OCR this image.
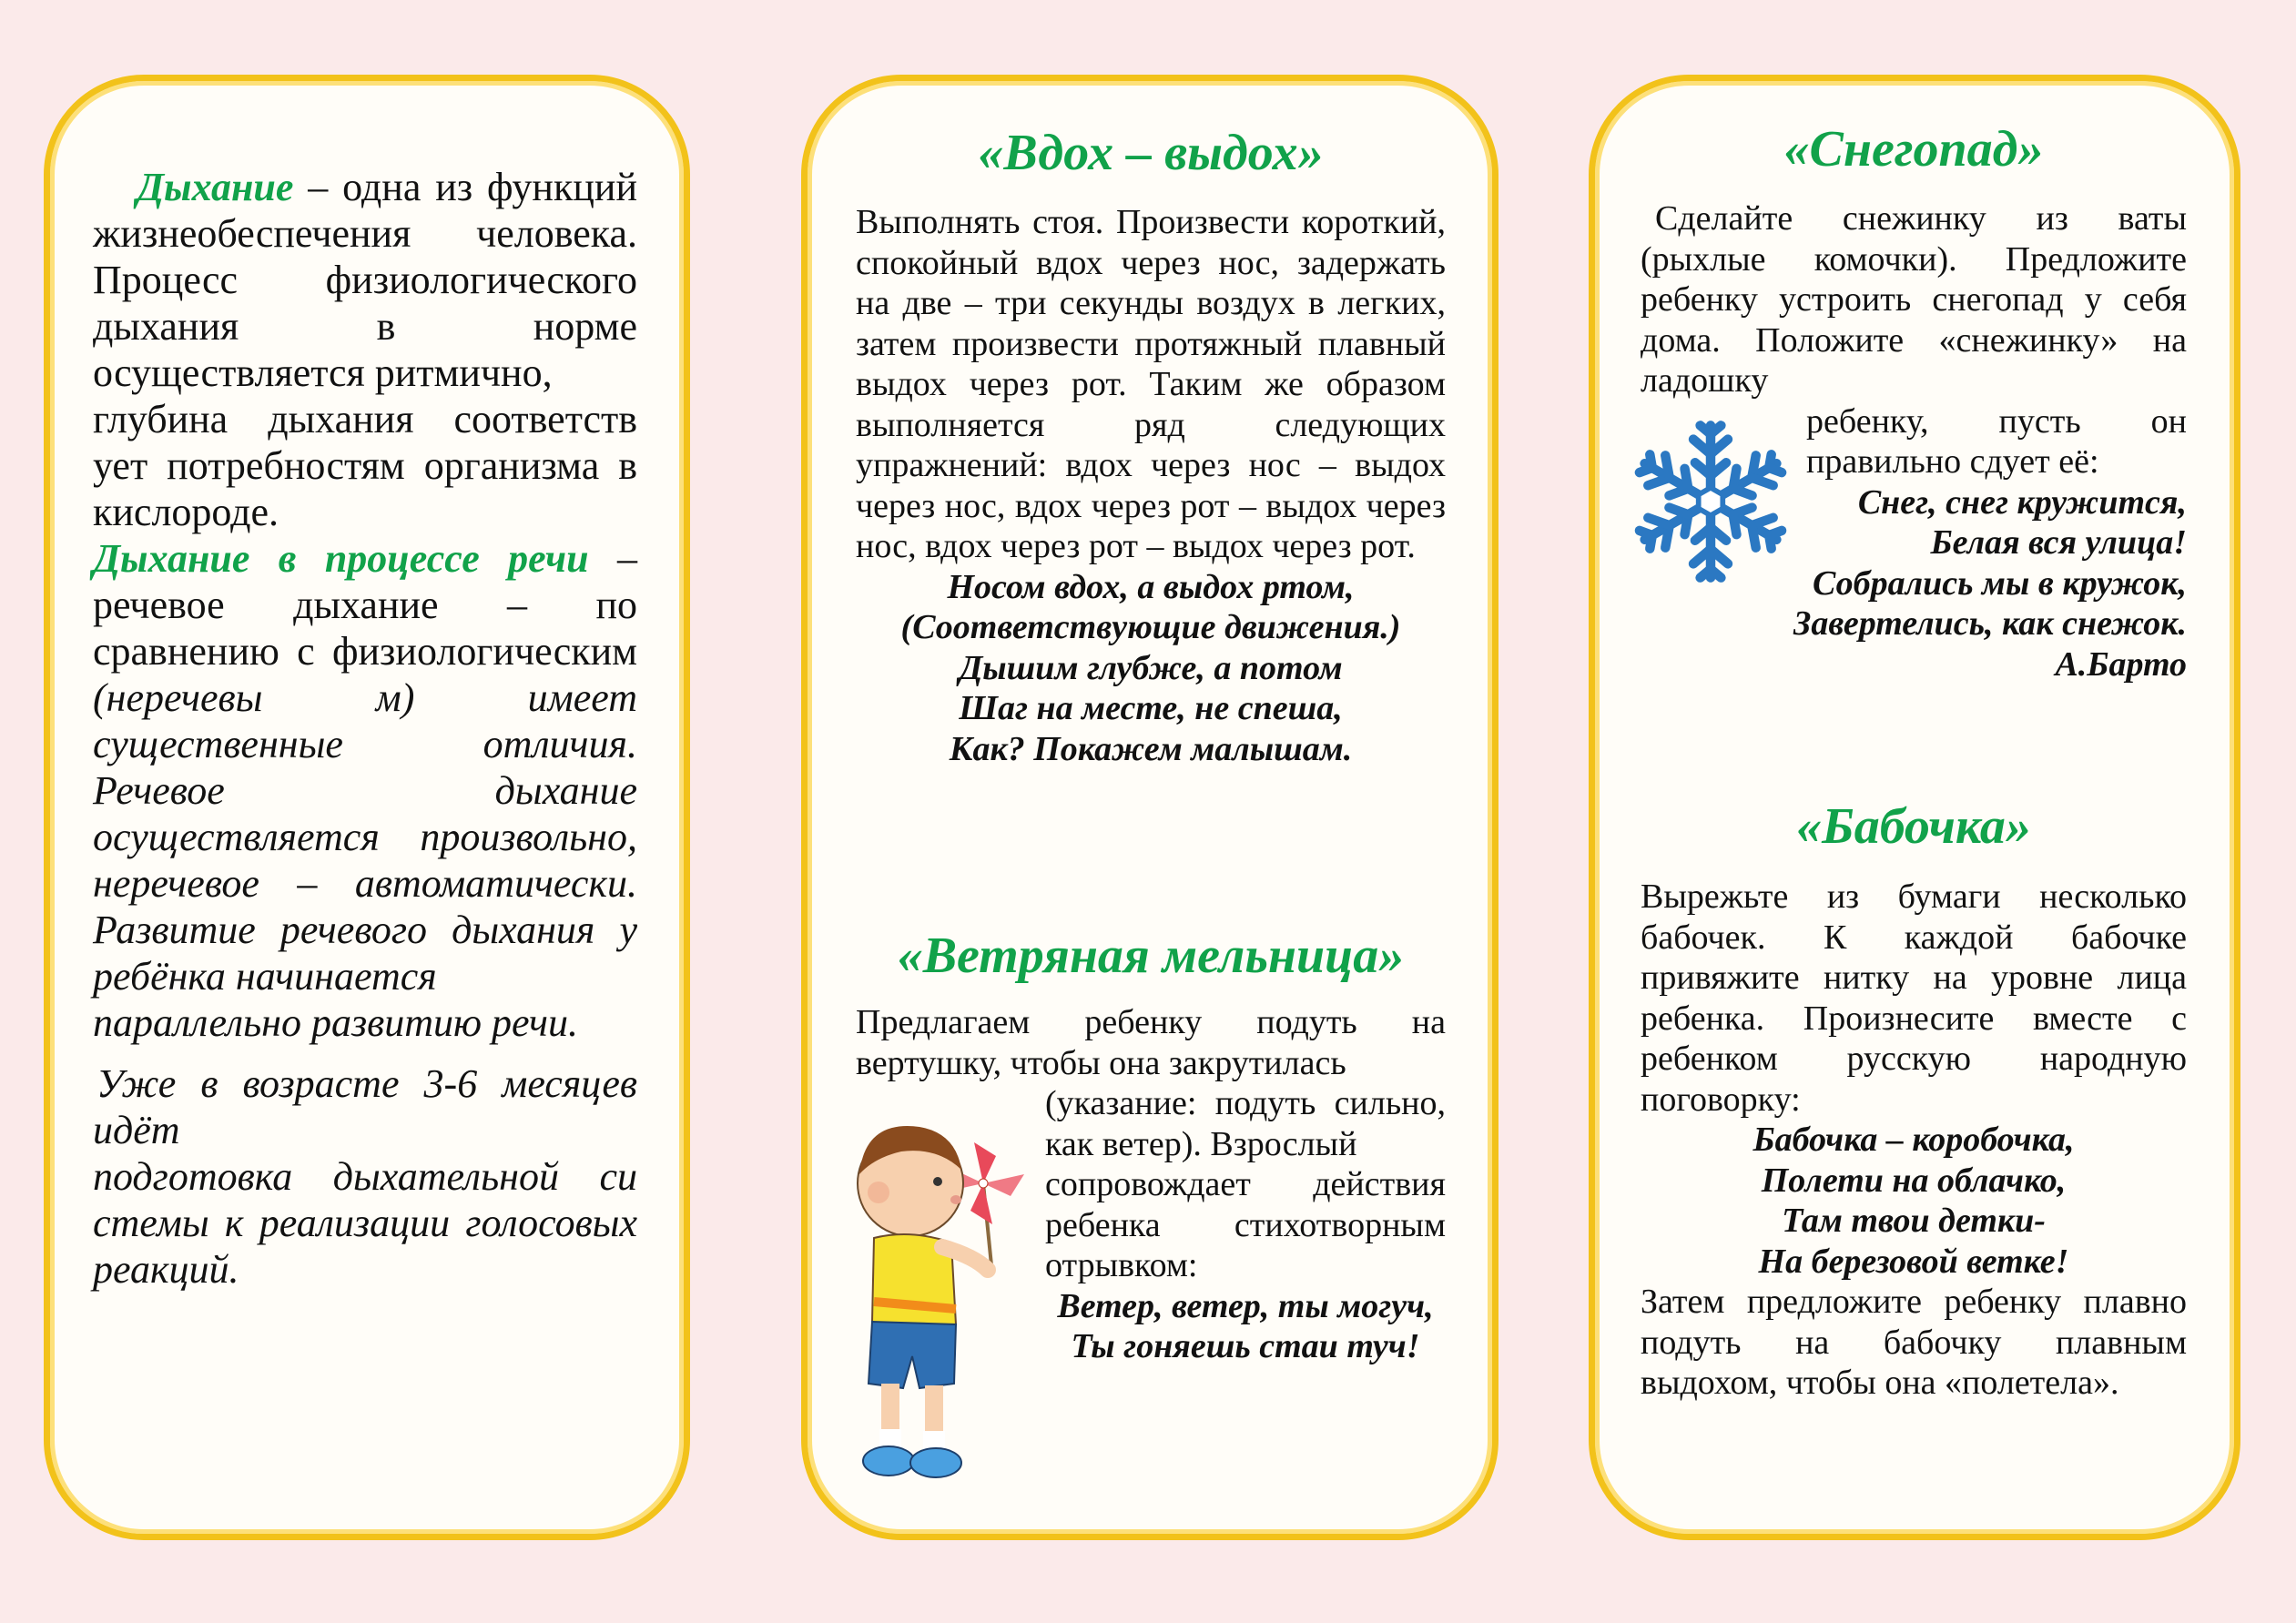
Дыхание – одна из функций жизнеобеспечения человека. Процесс физиологического дыхания в норме осуществляется ритмично,

глубина дыхания соответств ует потребностям организма в кислороде.

Дыхание в процессе речи – речевое дыхание – по сравнению с физиологическим (неречевы м) имеет существенные отличия. Речевое дыхание осуществляется произвольно, неречевое – автоматически. Развитие речевого дыхания у ребёнка начинается

параллельно развитию речи.

Уже в возрасте 3-6 месяцев идёт

подготовка дыхательной си стемы к реализации голосовых реакций.

«Вдох – выдох»

Выполнять стоя. Произвести короткий, спокойный вдох через нос, задержать на две – три секунды воздух в легких, затем произвести протяжный плавный выдох через рот. Таким же образом выполняется ряд следующих упражнений: вдох через нос – выдох через нос, вдох через рот – выдох через нос, вдох через рот – выдох через рот.

Носом вдох, а выдох ртом,
(Соответствующие движения.)
Дышим глубже, а потом
Шаг на месте, не спеша,
Как? Покажем малышам.
«Ветряная мельница»

Предлагаем ребенку подуть на вертушку, чтобы она закрутилась

(указание: подуть сильно, как ветер). Взрослый

сопровождает действия ребенка стихотворным отрывком:

Ветер, ветер, ты могуч,
Ты гоняешь стаи туч!
«Снегопад»

Сделайте снежинку из ваты (рыхлые комочки). Предложите ребенку устроить снегопад у себя дома. Положите «снежинку» на ладошку

ребенку, пусть он правильно сдует её:

Снег, снег кружится,
Белая вся улица!
Собрались мы в кружок,
Завертелись, как снежок.

А.Барто

«Бабочка»

Вырежьте из бумаги несколько бабочек. К каждой бабочке привяжите нитку на уровне лица ребенка. Произнесите вместе с ребенком русскую народную поговорку:

Бабочка – коробочка,
Полети на облачко,
Там твои детки-
На березовой ветке!

Затем предложите ребенку плавно подуть на бабочку плавным выдохом, чтобы она «полетела».
